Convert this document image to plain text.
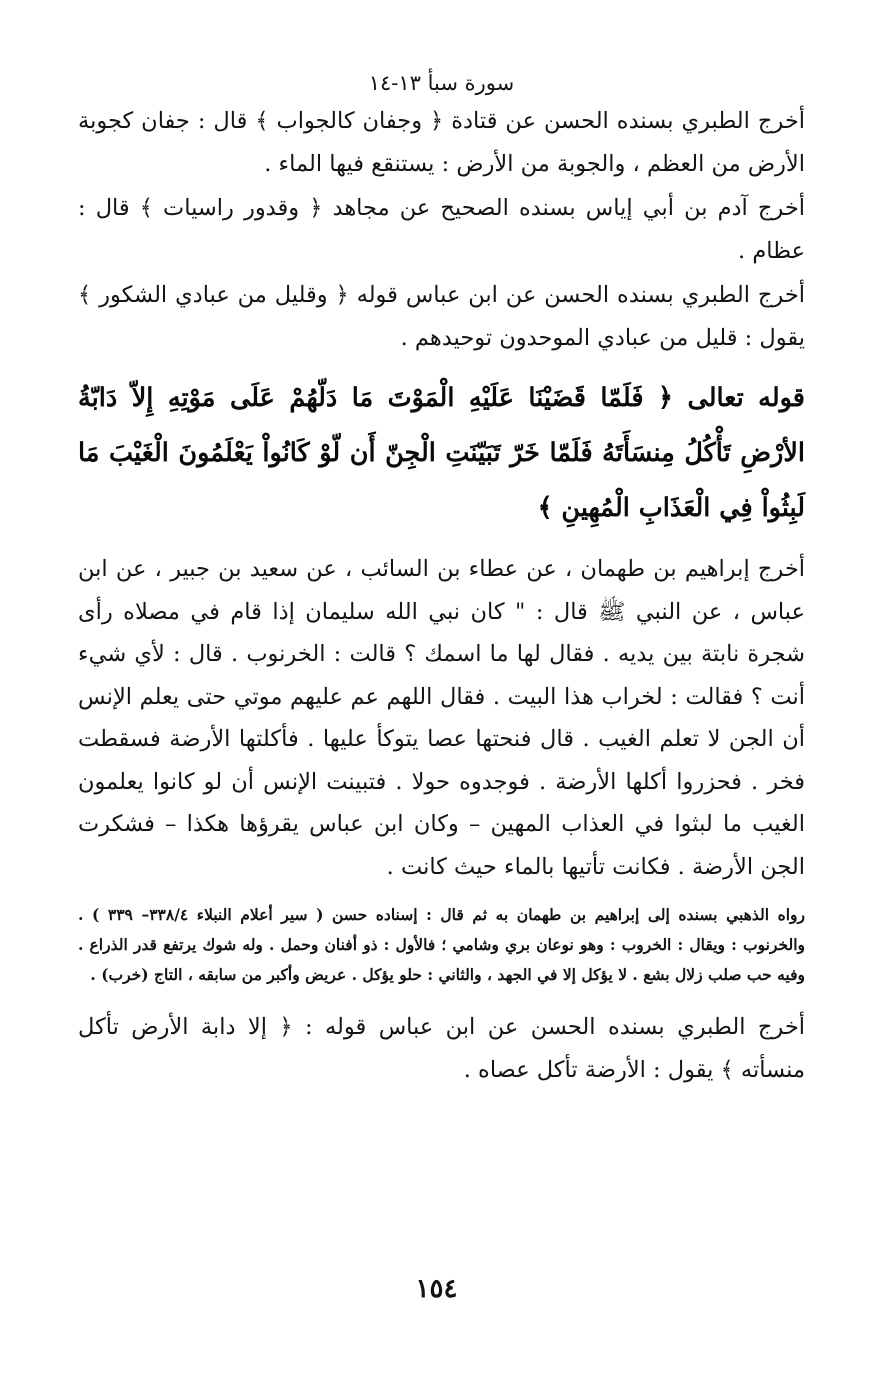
سورة سبأ ١٣-١٤

أخرج الطبري بسنده الحسن عن قتادة ﴿ وجفان كالجواب ﴾ قال : جفان كجوبة الأرض من العظم ، والجوبة من الأرض : يستنقع فيها الماء .

أخرج آدم بن أبي إياس بسنده الصحيح عن مجاهد ﴿ وقدور راسيات ﴾ قال : عظام .

أخرج الطبري بسنده الحسن عن ابن عباس قوله ﴿ وقليل من عبادي الشكور ﴾ يقول : قليل من عبادي الموحدون توحيدهم .

قوله تعالى ﴿ فَلَمّا قَضَيْنَا عَلَيْهِ الْمَوْتَ مَا دَلّهُمْ عَلَى مَوْتِهِ إِلاّ دَابّةُ الأرْضِ تَأْكُلُ مِنسَأَتَهُ فَلَمّا خَرّ تَبَيّنَتِ الْجِنّ أَن لّوْ كَانُواْ يَعْلَمُونَ الْغَيْبَ مَا لَبِثُواْ فِي الْعَذَابِ الْمُهِينِ ﴾

أخرج إبراهيم بن طهمان ، عن عطاء بن السائب ، عن سعيد بن جبير ، عن ابن عباس ، عن النبي ﷺ قال : " كان نبي الله سليمان إذا قام في مصلاه رأى شجرة نابتة بين يديه . فقال لها ما اسمك ؟ قالت : الخرنوب . قال : لأي شيء أنت ؟ فقالت : لخراب هذا البيت . فقال اللهم عم عليهم موتي حتى يعلم الإنس أن الجن لا تعلم الغيب . قال فنحتها عصا يتوكأ عليها . فأكلتها الأرضة فسقطت فخر . فحزروا أكلها الأرضة . فوجدوه حولا . فتبينت الإنس أن لو كانوا يعلمون الغيب ما لبثوا في العذاب المهين – وكان ابن عباس يقرؤها هكذا – فشكرت الجن الأرضة . فكانت تأتيها بالماء حيث كانت .

رواه الذهبي بسنده إلى إبراهيم بن طهمان به ثم قال : إسناده حسن ( سير أعلام النبلاء ٣٣٨/٤– ٣٣٩ ) . والخرنوب : ويقال : الخروب : وهو نوعان بري وشامي ؛ فالأول : ذو أفنان وحمل . وله شوك يرتفع قدر الذراع . وفيه حب صلب زلال بشع . لا يؤكل إلا في الجهد ، والثاني : حلو يؤكل . عريض وأكبر من سابقه ، التاج (خرب) .

أخرج الطبري بسنده الحسن عن ابن عباس قوله : ﴿ إلا دابة الأرض تأكل منسأته ﴾ يقول : الأرضة تأكل عصاه .

١٥٤
